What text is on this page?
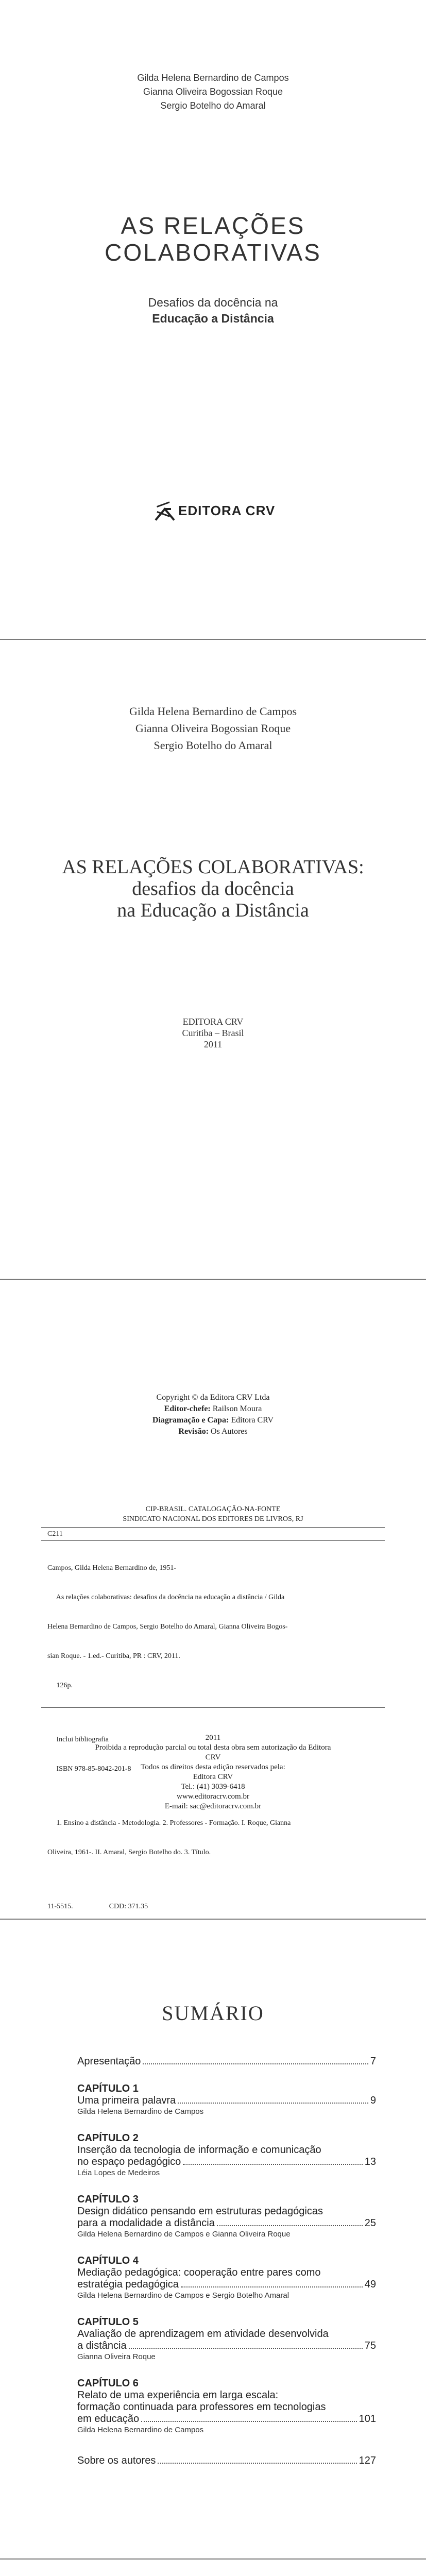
Gilda Helena Bernardino de Campos
Gianna Oliveira Bogossian Roque
Sergio Botelho do Amaral
AS RELAÇÕES
COLABORATIVAS
Desafios da docência na
Educação a Distância
EDITORA CRV
Gilda Helena Bernardino de Campos
Gianna Oliveira Bogossian Roque
Sergio Botelho do Amaral
AS RELAÇÕES COLABORATIVAS:
desafios da docência
na Educação a Distância
EDITORA CRV
Curitiba – Brasil
2011
Copyright © da Editora CRV Ltda
Editor-chefe: Railson Moura
Diagramação e Capa: Editora CRV
Revisão: Os Autores
CIP-BRASIL. CATALOGAÇÃO-NA-FONTE
SINDICATO NACIONAL DOS EDITORES DE LIVROS, RJ
C211

Campos, Gilda Helena Bernardino de, 1951-

As relações colaborativas: desafios da docência na educação a distância / Gilda

Helena Bernardino de Campos, Sergio Botelho do Amaral, Gianna Oliveira Bogos-

sian Roque. - 1.ed.- Curitiba, PR : CRV, 2011.

126p.

Inclui bibliografia

ISBN 978-85-8042-201-8

1. Ensino a distância - Metodologia. 2. Professores - Formação. I. Roque, Gianna

Oliveira, 1961-. II. Amaral, Sergio Botelho do. 3. Título.

11-5515.                    CDD: 371.35

2011
Proibida a reprodução parcial ou total desta obra sem autorização da Editora
CRV
Todos os direitos desta edição reservados pela:
Editora CRV
Tel.: (41) 3039-6418
www.editoracrv.com.br
E-mail: sac@editoracrv.com.br
SUMÁRIO
Apresentação	7
CAPÍTULO 1
Uma primeira palavra	9
Gilda Helena Bernardino de Campos
CAPÍTULO 2
Inserção da tecnologia de informação e comunicação
no espaço pedagógico	13
Léia Lopes de Medeiros
CAPÍTULO 3
Design didático pensando em estruturas pedagógicas
para a modalidade a distância	25
Gilda Helena Bernardino de Campos e Gianna Oliveira Roque
CAPÍTULO 4
Mediação pedagógica: cooperação entre pares como
estratégia pedagógica	49
Gilda Helena Bernardino de Campos e Sergio Botelho Amaral
CAPÍTULO 5
Avaliação de aprendizagem em atividade desenvolvida
a distância	75
Gianna Oliveira Roque
CAPÍTULO 6
Relato de uma experiência em larga escala:
formação continuada para professores em tecnologias
em educação	101
Gilda Helena Bernardino de Campos
Sobre os autores	127
